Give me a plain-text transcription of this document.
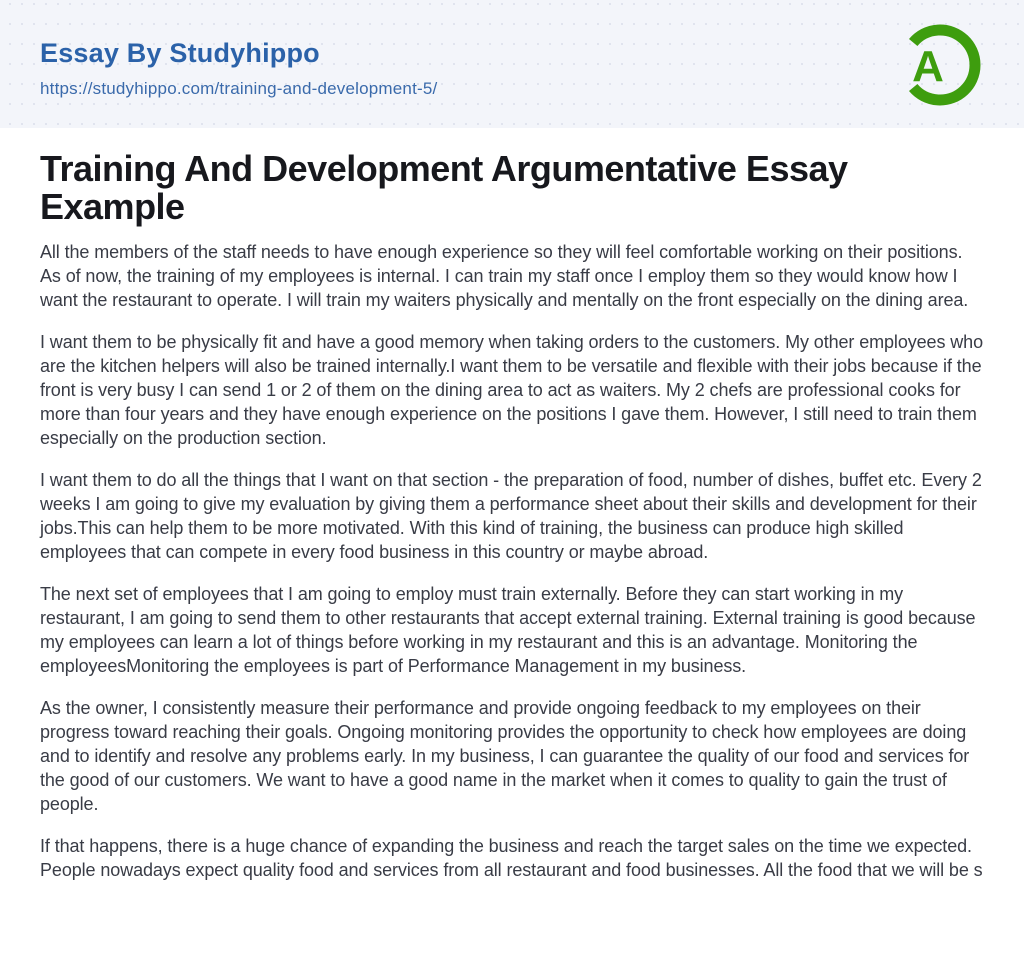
Essay By Studyhippo
https://studyhippo.com/training-and-development-5/	A
Training And Development Argumentative Essay Example

All the members of the staff needs to have enough experience so they will feel comfortable working on their positions. As of now, the training of my employees is internal. I can train my staff once I employ them so they would know how I want the restaurant to operate. I will train my waiters physically and mentally on the front especially on the dining area.

I want them to be physically fit and have a good memory when taking orders to the customers. My other employees who are the kitchen helpers will also be trained internally.I want them to be versatile and flexible with their jobs because if the front is very busy I can send 1 or 2 of them on the dining area to act as waiters. My 2 chefs are professional cooks for more than four years and they have enough experience on the positions I gave them. However, I still need to train them especially on the production section.

I want them to do all the things that I want on that section - the preparation of food, number of dishes, buffet etc. Every 2 weeks I am going to give my evaluation by giving them a performance sheet about their skills and development for their jobs.This can help them to be more motivated. With this kind of training, the business can produce high skilled employees that can compete in every food business in this country or maybe abroad.

The next set of employees that I am going to employ must train externally. Before they can start working in my restaurant, I am going to send them to other restaurants that accept external training. External training is good because my employees can learn a lot of things before working in my restaurant and this is an advantage. Monitoring the employeesMonitoring the employees is part of Performance Management in my business.

As the owner, I consistently measure their performance and provide ongoing feedback to my employees on their progress toward reaching their goals. Ongoing monitoring provides the opportunity to check how employees are doing and to identify and resolve any problems early. In my business, I can guarantee the quality of our food and services for the good of our customers. We want to have a good name in the market when it comes to quality to gain the trust of people.

If that happens, there is a huge chance of expanding the business and reach the target sales on the time we expected. People nowadays expect quality food and services from all restaurant and food businesses. All the food that we will be s
